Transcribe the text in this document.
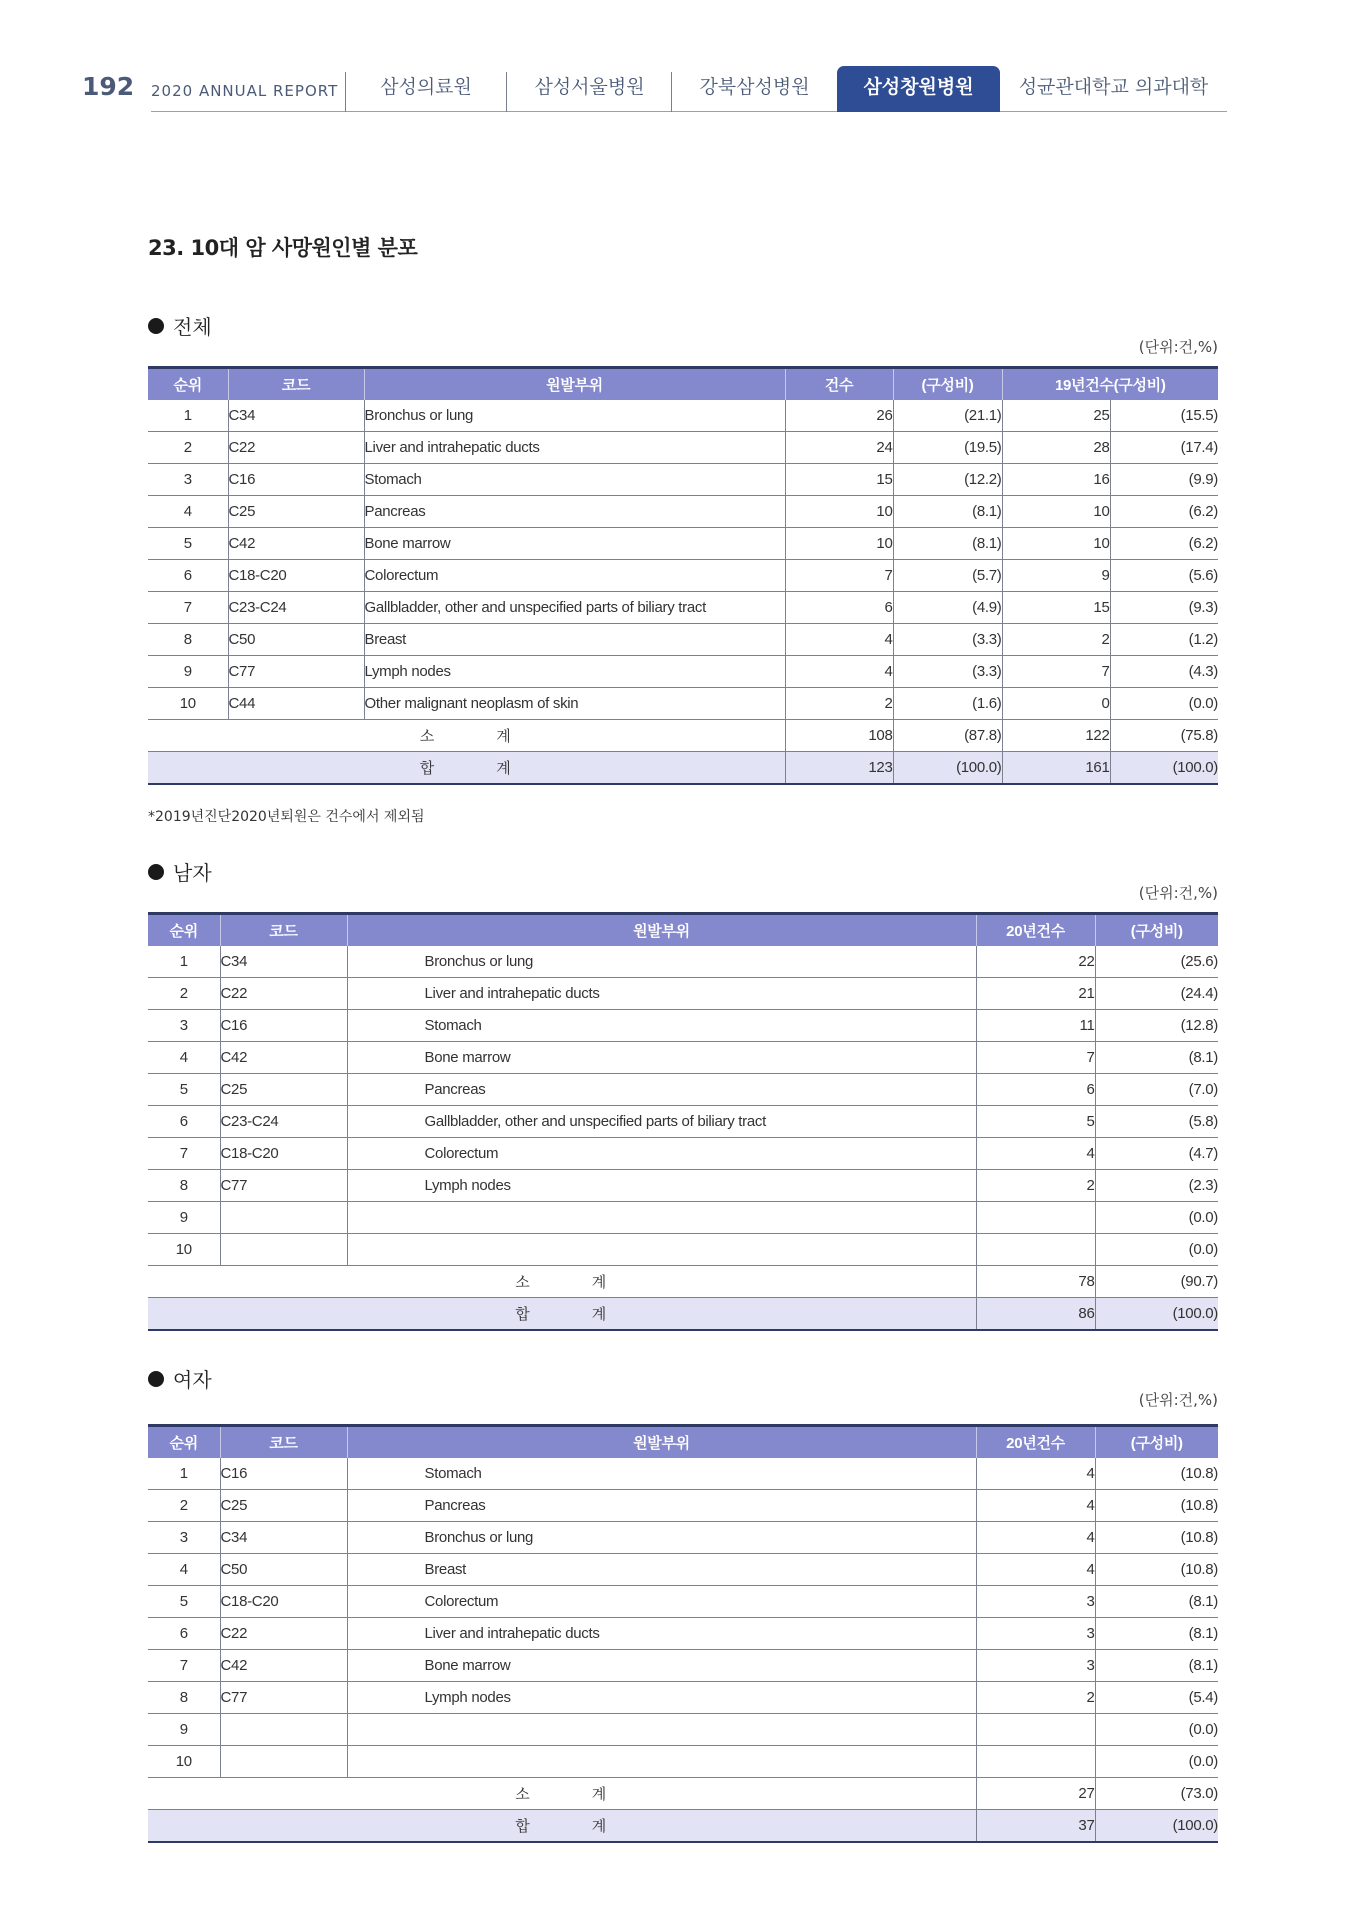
192 2020 ANNUAL REPORT	삼성의료원	삼성서울병원	강북삼성병원	삼성창원병원	성균관대학교 의과대학
23. 10대 암 사망원인별 분포
전체
(단위:건,%)
순위	코드	원발부위	건수	(구성비)	19년건수(구성비)	
1	C34	Bronchus or lung	26	(21.1)	25	(15.5)
2	C22	Liver and intrahepatic ducts	24	(19.5)	28	(17.4)
3	C16	Stomach	15	(12.2)	16	(9.9)
4	C25	Pancreas	10	(8.1)	10	(6.2)
5	C42	Bone marrow	10	(8.1)	10	(6.2)
6	C18-C20	Colorectum	7	(5.7)	9	(5.6)
7	C23-C24	Gallbladder, other and unspecified parts of biliary tract	6	(4.9)	15	(9.3)
8	C50	Breast	4	(3.3)	2	(1.2)
9	C77	Lymph nodes	4	(3.3)	7	(4.3)
10	C44	Other malignant neoplasm of skin	2	(1.6)	0	(0.0)
소 계			108	(87.8)	122	(75.8)
합 계			123	(100.0)	161	(100.0)
*2019년진단2020년퇴원은 건수에서 제외됨
남자
(단위:건,%)
순위	코드	원발부위	20년건수	(구성비)
1	C34	Bronchus or lung	22	(25.6)
2	C22	Liver and intrahepatic ducts	21	(24.4)
3	C16	Stomach	11	(12.8)
4	C42	Bone marrow	7	(8.1)
5	C25	Pancreas	6	(7.0)
6	C23-C24	Gallbladder, other and unspecified parts of biliary tract	5	(5.8)
7	C18-C20	Colorectum	4	(4.7)
8	C77	Lymph nodes	2	(2.3)
9				(0.0)
10				(0.0)
소 계			78	(90.7)
합 계			86	(100.0)
여자
(단위:건,%)
순위	코드	원발부위	20년건수	(구성비)
1	C16	Stomach	4	(10.8)
2	C25	Pancreas	4	(10.8)
3	C34	Bronchus or lung	4	(10.8)
4	C50	Breast	4	(10.8)
5	C18-C20	Colorectum	3	(8.1)
6	C22	Liver and intrahepatic ducts	3	(8.1)
7	C42	Bone marrow	3	(8.1)
8	C77	Lymph nodes	2	(5.4)
9				(0.0)
10				(0.0)
소 계			27	(73.0)
합 계			37	(100.0)
